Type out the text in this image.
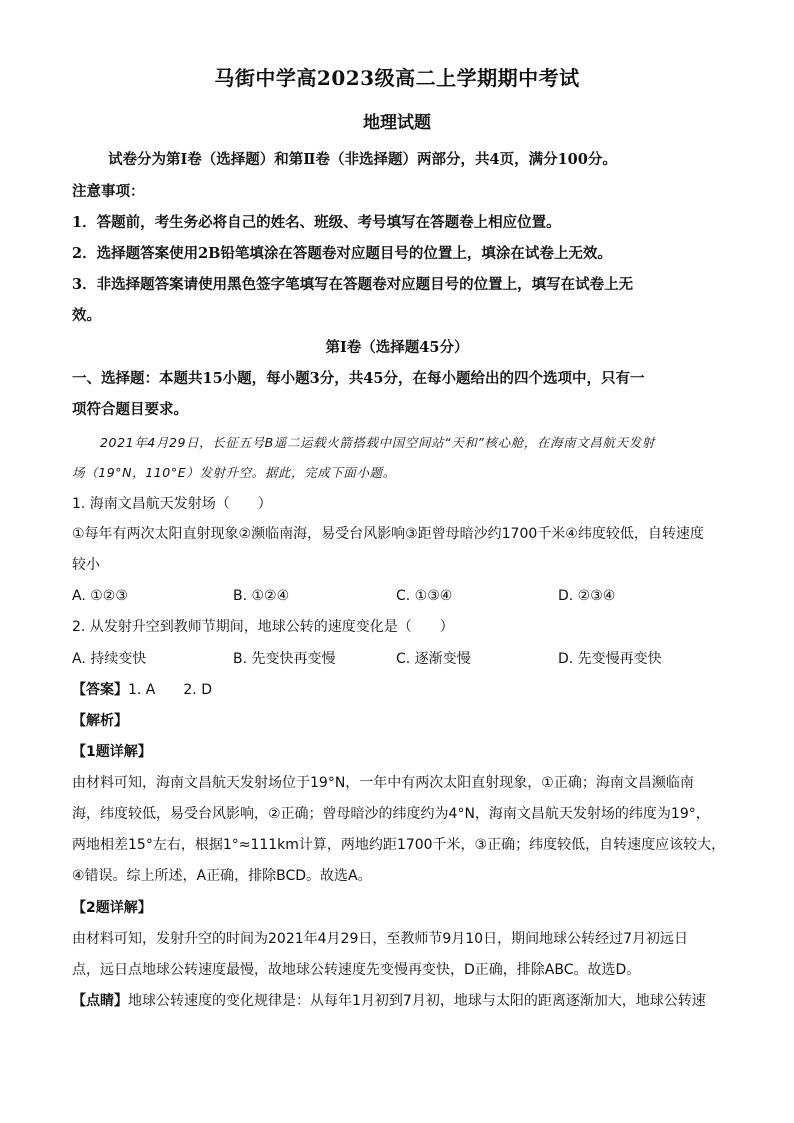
马街中学高2023级高二上学期期中考试
地理试题
试卷分为第Ⅰ卷（选择题）和第Ⅱ卷（非选择题）两部分，共4页，满分100分。
注意事项：
1．答题前，考生务必将自己的姓名、班级、考号填写在答题卷上相应位置。
2．选择题答案使用2B铅笔填涂在答题卷对应题目号的位置上，填涂在试卷上无效。
3．非选择题答案请使用黑色签字笔填写在答题卷对应题目号的位置上，填写在试卷上无
效。
第Ⅰ卷（选择题45分）
一、选择题：本题共15小题，每小题3分，共45分，在每小题给出的四个选项中，只有一
项符合题目要求。
2021年4月29日，长征五号B遥二运载火箭搭载中国空间站“天和”核心舱，在海南文昌航天发射
场（19°N，110°E）发射升空。据此，完成下面小题。
1. 海南文昌航天发射场（　　）
①每年有两次太阳直射现象②濒临南海，易受台风影响③距曾母暗沙约1700千米④纬度较低，自转速度
较小
A. ①②③	B. ①②④	C. ①③④	D. ②③④
2. 从发射升空到教师节期间，地球公转的速度变化是（　　）
A. 持续变快	B. 先变快再变慢	C. 逐渐变慢	D. 先变慢再变快
【答案】1. A　　2. D
【解析】
【1题详解】
由材料可知，海南文昌航天发射场位于19°N，一年中有两次太阳直射现象，①正确；海南文昌濒临南
海，纬度较低，易受台风影响，②正确；曾母暗沙的纬度约为4°N，海南文昌航天发射场的纬度为19°，
两地相差15°左右，根据1°≈111km计算，两地约距1700千米，③正确；纬度较低，自转速度应该较大，
④错误。综上所述，A正确，排除BCD。故选A。
【2题详解】
由材料可知，发射升空的时间为2021年4月29日，至教师节9月10日，期间地球公转经过7月初远日
点，远日点地球公转速度最慢，故地球公转速度先变慢再变快，D正确，排除ABC。故选D。
【点睛】地球公转速度的变化规律是：从每年1月初到7月初，地球与太阳的距离逐渐加大，地球公转速
